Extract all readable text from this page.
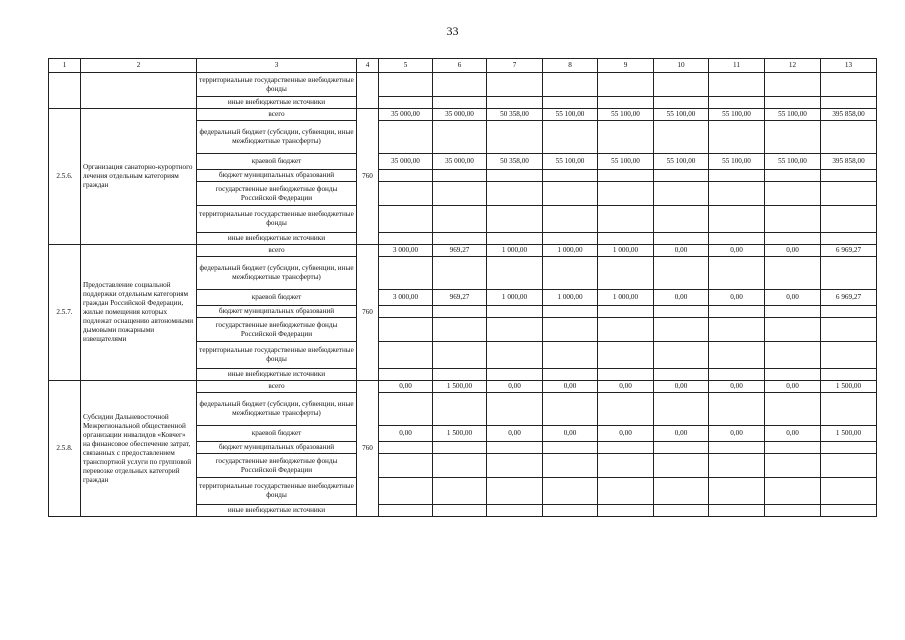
33
1	2	3	4	5	6	7	8	9	10	11	12	13
		территориальные государственные внебюджетные фонды										
		иные внебюджетные источники										
2.5.6.	Организация санаторно-курортного лечения отдельным категориям граждан	всего	760	35 000,00	35 000,00	50 358,00	55 100,00	55 100,00	55 100,00	55 100,00	55 100,00	395 858,00
		федеральный бюджет (субсидии, субвенции, иные межбюджетные трансферты)										
		краевой бюджет		35 000,00	35 000,00	50 358,00	55 100,00	55 100,00	55 100,00	55 100,00	55 100,00	395 858,00
		бюджет муниципальных образований										
		государственные внебюджетные фонды Российской Федерации										
		территориальные государственные внебюджетные фонды										
		иные внебюджетные источники										
2.5.7.	Предоставление социальной поддержки отдельным категориям граждан Российской Федерации, жилые помещения которых подлежат оснащению автономными дымовыми пожарными извещателями	всего	760	3 000,00	969,27	1 000,00	1 000,00	1 000,00	0,00	0,00	0,00	6 969,27
		федеральный бюджет (субсидии, субвенции, иные межбюджетные трансферты)										
		краевой бюджет		3 000,00	969,27	1 000,00	1 000,00	1 000,00	0,00	0,00	0,00	6 969,27
		бюджет муниципальных образований										
		государственные внебюджетные фонды Российской Федерации										
		территориальные государственные внебюджетные фонды										
		иные внебюджетные источники										
2.5.8.	Субсидии Дальневосточной Межрегиональной общественной организации инвалидов «Ковчег» на финансовое обеспечение затрат, связанных с предоставлением транспортной услуги по групповой перевозке отдельных категорий граждан	всего	760	0,00	1 500,00	0,00	0,00	0,00	0,00	0,00	0,00	1 500,00
		федеральный бюджет (субсидии, субвенции, иные межбюджетные трансферты)										
		краевой бюджет		0,00	1 500,00	0,00	0,00	0,00	0,00	0,00	0,00	1 500,00
		бюджет муниципальных образований										
		государственные внебюджетные фонды Российской Федерации										
		территориальные государственные внебюджетные фонды										
		иные внебюджетные источники										
